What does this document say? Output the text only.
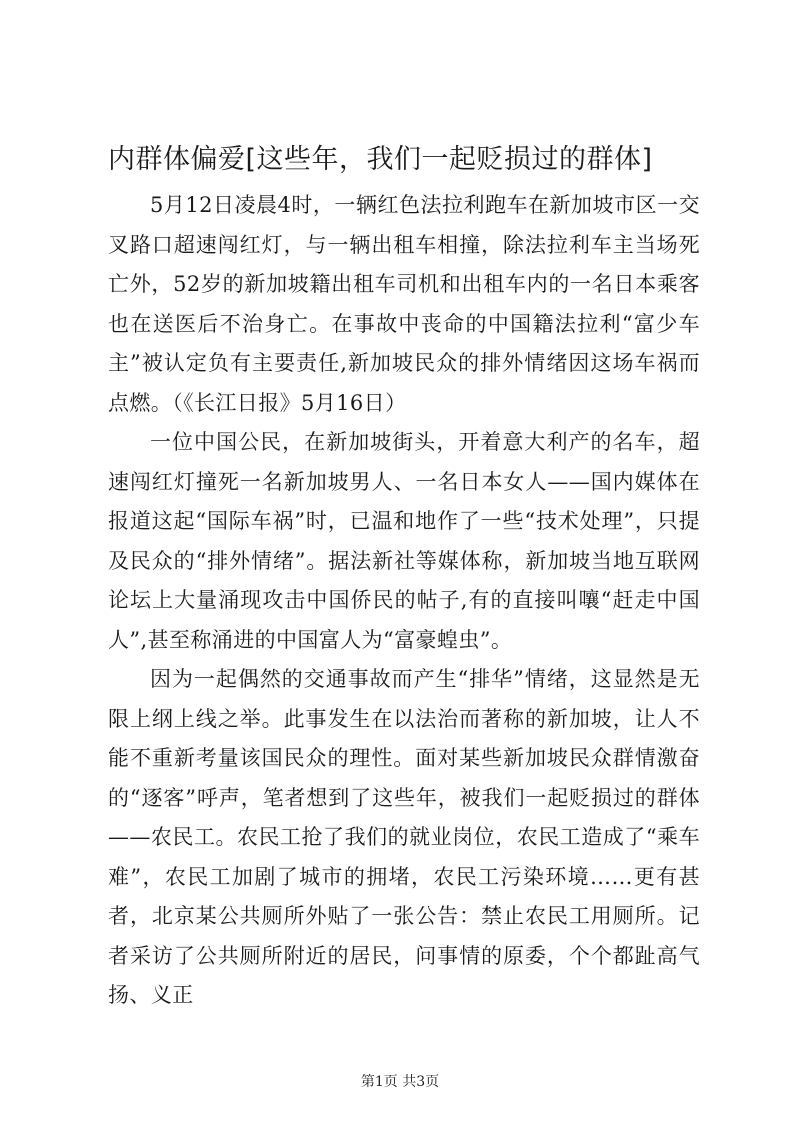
内群体偏爱[这些年，我们一起贬损过的群体]

5月12日凌晨4时，一辆红色法拉利跑车在新加坡市区一交叉路口超速闯红灯，与一辆出租车相撞，除法拉利车主当场死亡外，52岁的新加坡籍出租车司机和出租车内的一名日本乘客也在送医后不治身亡。在事故中丧命的中国籍法拉利“富少车主”被认定负有主要责任,新加坡民众的排外情绪因这场车祸而点燃。（《长江日报》5月16日）

一位中国公民，在新加坡街头，开着意大利产的名车，超速闯红灯撞死一名新加坡男人、一名日本女人——国内媒体在报道这起“国际车祸”时，已温和地作了一些“技术处理”，只提及民众的“排外情绪”。据法新社等媒体称，新加坡当地互联网论坛上大量涌现攻击中国侨民的帖子,有的直接叫嚷“赶走中国人”,甚至称涌进的中国富人为“富豪蝗虫”。

因为一起偶然的交通事故而产生“排华”情绪，这显然是无限上纲上线之举。此事发生在以法治而著称的新加坡，让人不能不重新考量该国民众的理性。面对某些新加坡民众群情激奋的“逐客”呼声，笔者想到了这些年，被我们一起贬损过的群体——农民工。农民工抢了我们的就业岗位，农民工造成了“乘车难”，农民工加剧了城市的拥堵，农民工污染环境……更有甚者，北京某公共厕所外贴了一张公告：禁止农民工用厕所。记者采访了公共厕所附近的居民，问事情的原委，个个都趾高气扬、义正

第1页 共3页
